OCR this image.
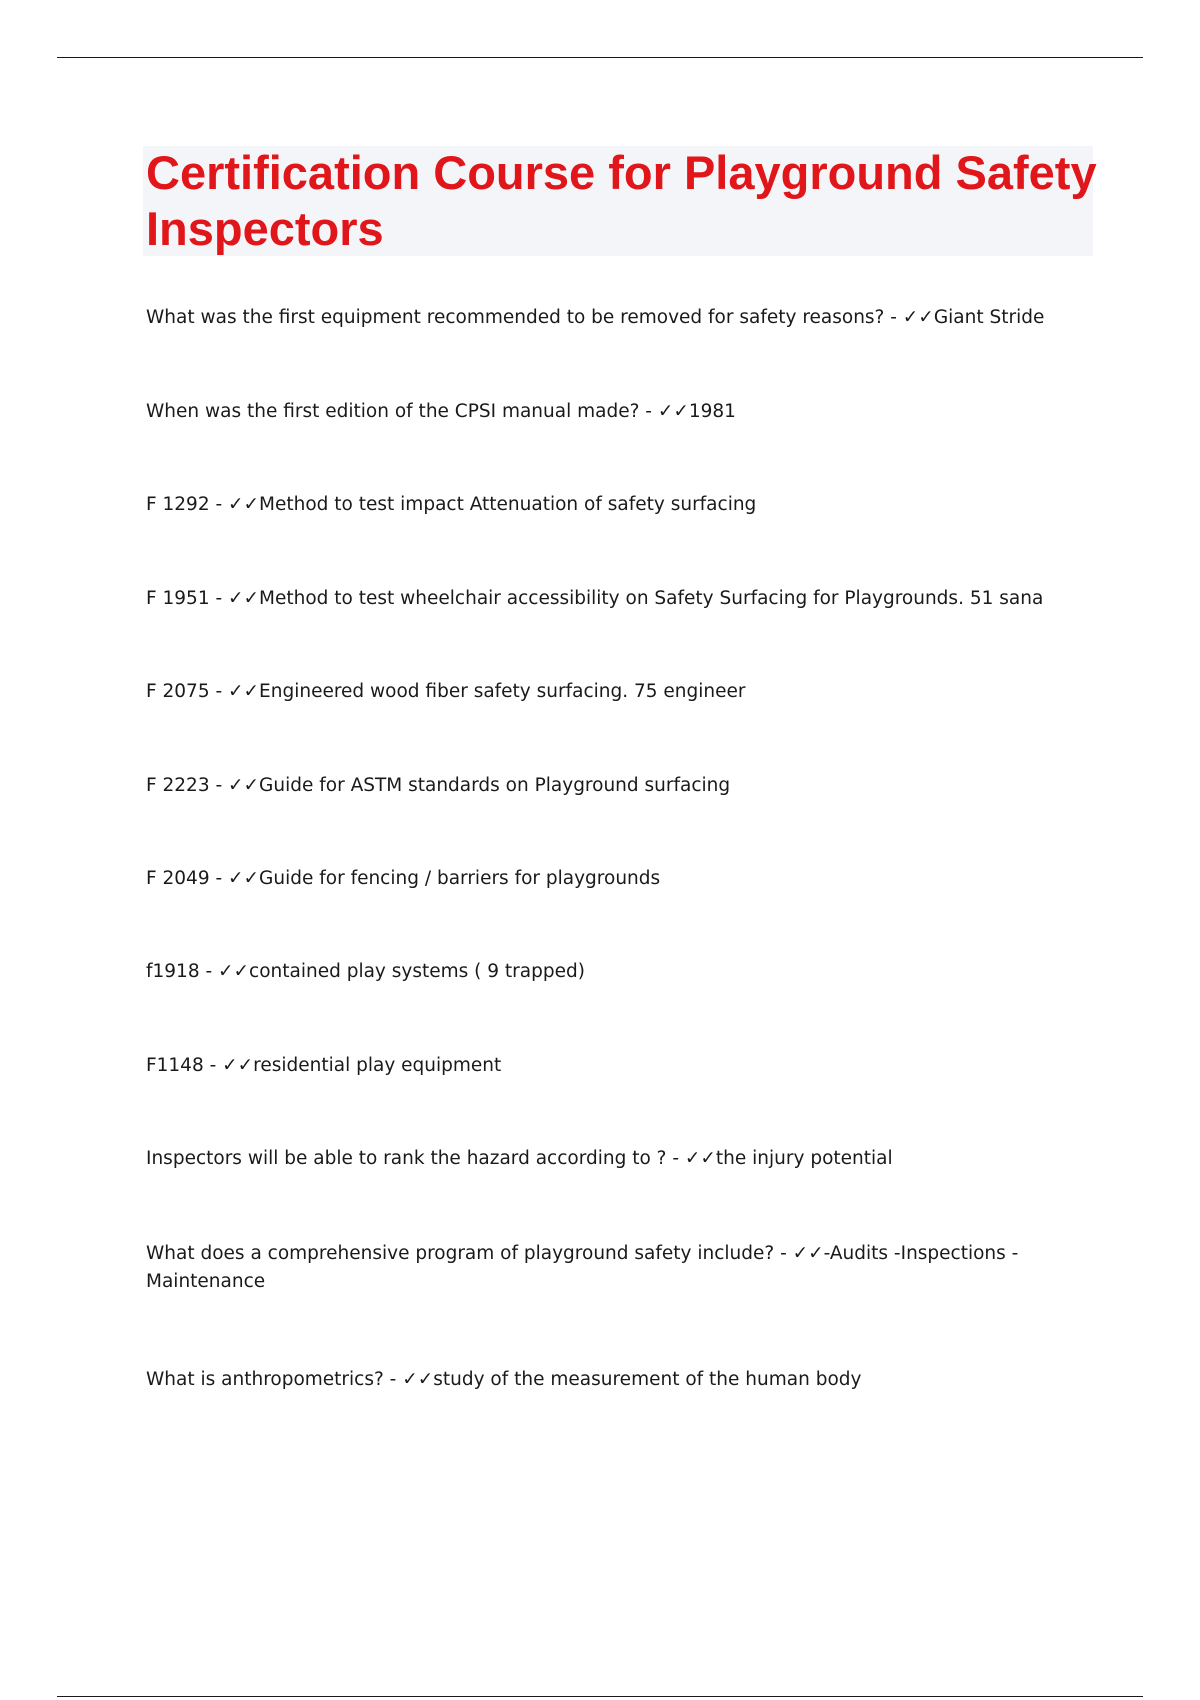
Certification Course for Playground Safety Inspectors

What was the first equipment recommended to be removed for safety reasons? - ✓✓Giant Stride

When was the first edition of the CPSI manual made? - ✓✓1981

F 1292 - ✓✓Method to test impact Attenuation of safety surfacing

F 1951 - ✓✓Method to test wheelchair accessibility on Safety Surfacing for Playgrounds. 51 sana

F 2075 - ✓✓Engineered wood fiber safety surfacing. 75 engineer

F 2223 - ✓✓Guide for ASTM standards on Playground surfacing

F 2049 - ✓✓Guide for fencing / barriers for playgrounds

f1918 - ✓✓contained play systems ( 9 trapped)

F1148 - ✓✓residential play equipment

Inspectors will be able to rank the hazard according to ? - ✓✓the injury potential

What does a comprehensive program of playground safety include? - ✓✓-Audits -Inspections - Maintenance

What is anthropometrics? - ✓✓study of the measurement of the human body
